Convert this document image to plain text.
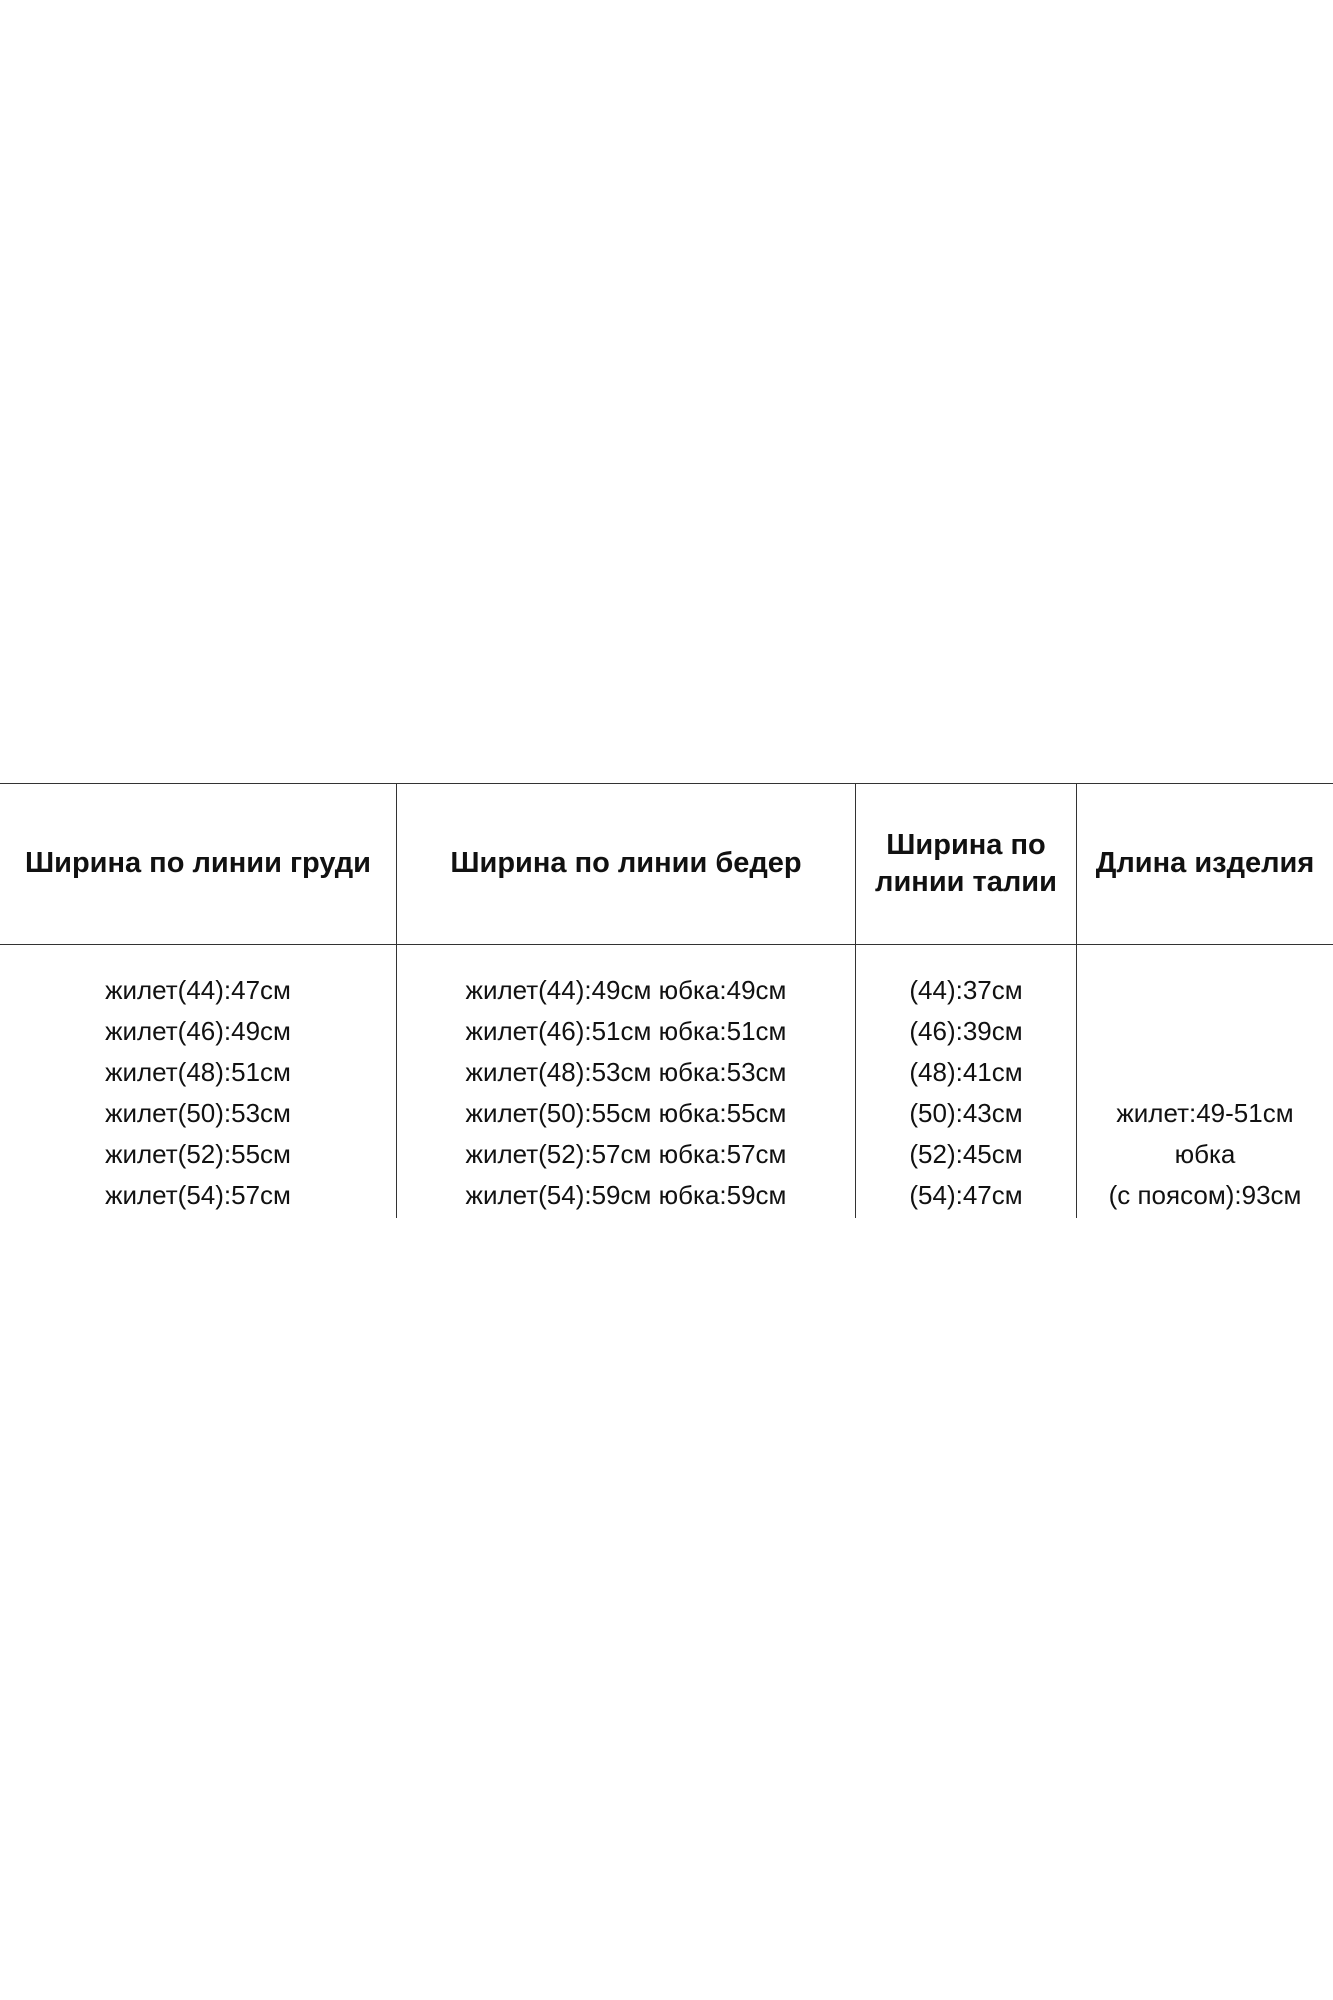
Ширина по линии груди
жилет(44):47см
жилет(46):49см
жилет(48):51см
жилет(50):53см
жилет(52):55см
жилет(54):57см
Ширина по линии бедер
жилет(44):49см юбка:49см
жилет(46):51см юбка:51см
жилет(48):53см юбка:53см
жилет(50):55см юбка:55см
жилет(52):57см юбка:57см
жилет(54):59см юбка:59см
Ширина по
линии талии
(44):37см
(46):39см
(48):41см
(50):43см
(52):45см
(54):47см
Длина изделия
жилет:49-51см
юбка
(с поясом):93см
